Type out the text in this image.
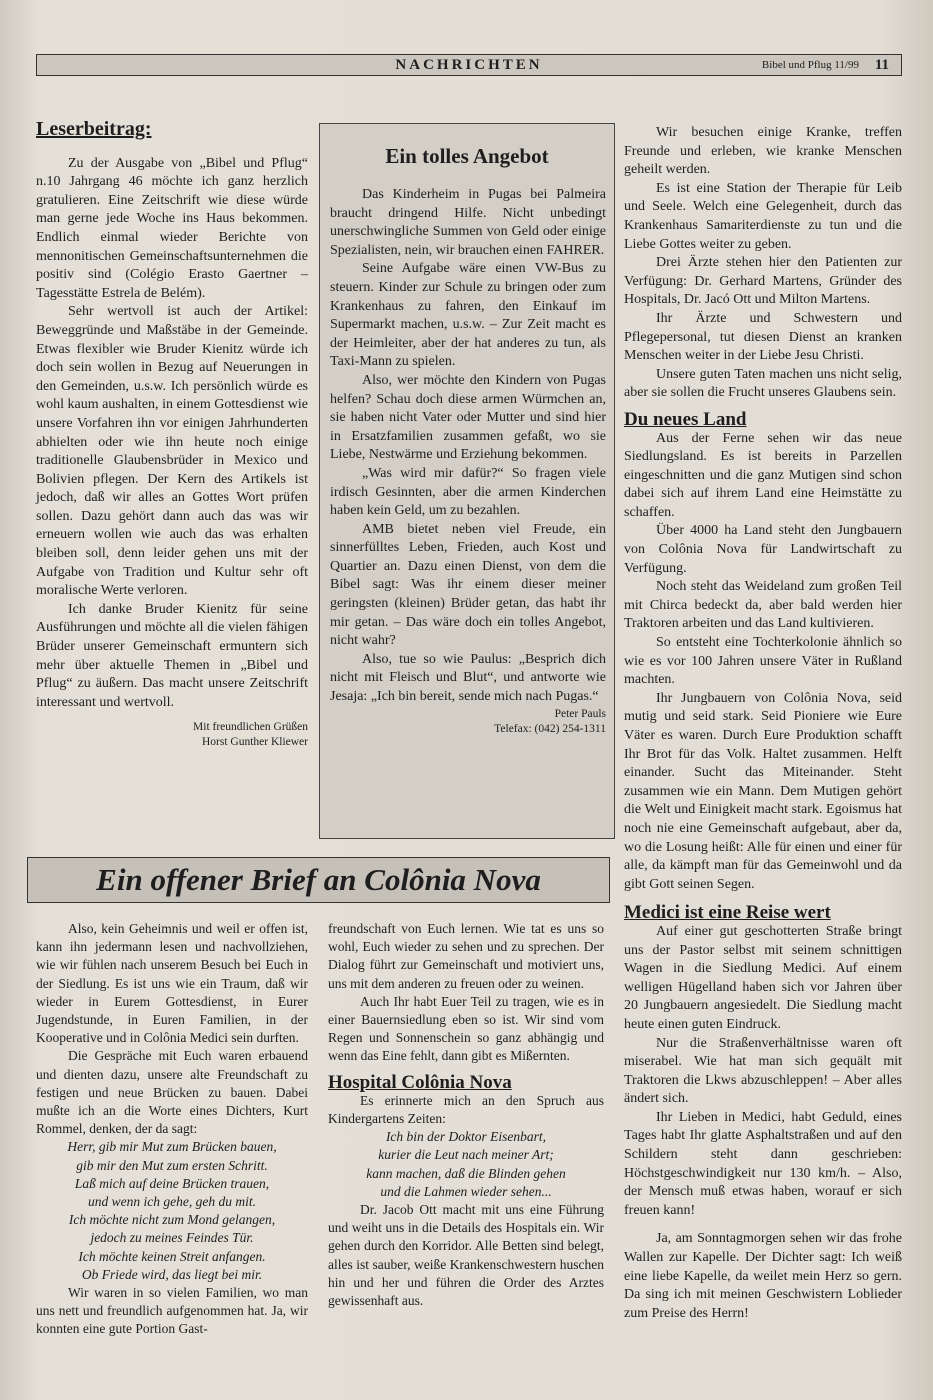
NACHRICHTEN	Bibel und Pflug 11/99 11
Leserbeitrag:

Zu der Ausgabe von „Bibel und Pflug“ n.10 Jahrgang 46 möchte ich ganz herzlich gratulieren. Eine Zeitschrift wie diese würde man gerne jede Woche ins Haus bekommen. Endlich einmal wieder Berichte von mennonitischen Gemeinschaftsunternehmen die positiv sind (Colégio Erasto Gaertner – Tagesstätte Estrela de Belém).

Sehr wertvoll ist auch der Artikel: Beweggründe und Maßstäbe in der Gemeinde. Etwas flexibler wie Bruder Kienitz würde ich doch sein wollen in Bezug auf Neuerungen in den Gemeinden, u.s.w. Ich persönlich würde es wohl kaum aushalten, in einem Gottesdienst wie unsere Vorfahren ihn vor einigen Jahrhunderten abhielten oder wie ihn heute noch einige traditionelle Glaubensbrüder in Mexico und Bolivien pflegen. Der Kern des Artikels ist jedoch, daß wir alles an Gottes Wort prüfen sollen. Dazu gehört dann auch das was wir erneuern wollen wie auch das was erhalten bleiben soll, denn leider gehen uns mit der Aufgabe von Tradition und Kultur sehr oft moralische Werte verloren.

Ich danke Bruder Kienitz für seine Ausführungen und möchte all die vielen fähigen Brüder unserer Gemeinschaft ermuntern sich mehr über aktuelle Themen in „Bibel und Pflug“ zu äußern. Das macht unsere Zeitschrift interessant und wertvoll.

Mit freundlichen Grüßen

Horst Gunther Kliewer

Ein tolles Angebot

Das Kinderheim in Pugas bei Palmeira braucht dringend Hilfe. Nicht unbedingt unerschwingliche Summen von Geld oder einige Spezialisten, nein, wir brauchen einen FAHRER.

Seine Aufgabe wäre einen VW-Bus zu steuern. Kinder zur Schule zu bringen oder zum Krankenhaus zu fahren, den Einkauf im Supermarkt machen, u.s.w. – Zur Zeit macht es der Heimleiter, aber der hat anderes zu tun, als Taxi-Mann zu spielen.

Also, wer möchte den Kindern von Pugas helfen? Schau doch diese armen Würmchen an, sie haben nicht Vater oder Mutter und sind hier in Ersatzfamilien zusammen gefaßt, wo sie Liebe, Nestwärme und Erziehung bekommen.

„Was wird mir dafür?“ So fragen viele irdisch Gesinnten, aber die armen Kinderchen haben kein Geld, um zu bezahlen.

AMB bietet neben viel Freude, ein sinnerfülltes Leben, Frieden, auch Kost und Quartier an. Dazu einen Dienst, von dem die Bibel sagt: Was ihr einem dieser meiner geringsten (kleinen) Brüder getan, das habt ihr mir getan. – Das wäre doch ein tolles Angebot, nicht wahr?

Also, tue so wie Paulus: „Besprich dich nicht mit Fleisch und Blut“, und antworte wie Jesaja: „Ich bin bereit, sende mich nach Pugas.“

Peter Pauls

Telefax: (042) 254-1311

Wir besuchen einige Kranke, treffen Freunde und erleben, wie kranke Menschen geheilt werden.

Es ist eine Station der Therapie für Leib und Seele. Welch eine Gelegenheit, durch das Krankenhaus Samariterdienste zu tun und die Liebe Gottes weiter zu geben.

Drei Ärzte stehen hier den Patienten zur Verfügung: Dr. Gerhard Martens, Gründer des Hospitals, Dr. Jacó Ott und Milton Martens.

Ihr Ärzte und Schwestern und Pflegepersonal, tut diesen Dienst an kranken Menschen weiter in der Liebe Jesu Christi.

Unsere guten Taten machen uns nicht selig, aber sie sollen die Frucht unseres Glaubens sein.

Du neues Land

Aus der Ferne sehen wir das neue Siedlungsland. Es ist bereits in Parzellen eingeschnitten und die ganz Mutigen sind schon dabei sich auf ihrem Land eine Heimstätte zu schaffen.

Über 4000 ha Land steht den Jungbauern von Colônia Nova für Landwirtschaft zu Verfügung.

Noch steht das Weideland zum großen Teil mit Chirca bedeckt da, aber bald werden hier Traktoren arbeiten und das Land kultivieren.

So entsteht eine Tochterkolonie ähnlich so wie es vor 100 Jahren unsere Väter in Rußland machten.

Ihr Jungbauern von Colônia Nova, seid mutig und seid stark. Seid Pioniere wie Eure Väter es waren. Durch Eure Produktion schafft Ihr Brot für das Volk. Haltet zusammen. Helft einander. Sucht das Miteinander. Steht zusammen wie ein Mann. Dem Mutigen gehört die Welt und Einigkeit macht stark. Egoismus hat noch nie eine Gemeinschaft aufgebaut, aber da, wo die Losung heißt: Alle für einen und einer für alle, da kämpft man für das Gemeinwohl und da gibt Gott seinen Segen.

Medici ist eine Reise wert

Auf einer gut geschotterten Straße bringt uns der Pastor selbst mit seinem schnittigen Wagen in die Siedlung Medici. Auf einem welligen Hügelland haben sich vor Jahren über 20 Jungbauern angesiedelt. Die Siedlung macht heute einen guten Eindruck.

Nur die Straßenverhältnisse waren oft miserabel. Wie hat man sich gequält mit Traktoren die Lkws abzuschleppen! – Aber alles ändert sich.

Ihr Lieben in Medici, habt Geduld, eines Tages habt Ihr glatte Asphaltstraßen und auf den Schildern steht dann geschrieben: Höchstgeschwindigkeit nur 130 km/h. – Also, der Mensch muß etwas haben, worauf er sich freuen kann!

Ja, am Sonntagmorgen sehen wir das frohe Wallen zur Kapelle. Der Dichter sagt: Ich weiß eine liebe Kapelle, da weilet mein Herz so gern. Da sing ich mit meinen Geschwistern Loblieder zum Preise des Herrn!

Ein offener Brief an Colônia Nova

Also, kein Geheimnis und weil er offen ist, kann ihn jedermann lesen und nachvollziehen, wie wir fühlen nach unserem Besuch bei Euch in der Siedlung. Es ist uns wie ein Traum, daß wir wieder in Eurem Gottesdienst, in Eurer Jugendstunde, in Euren Familien, in der Kooperative und in Colônia Medici sein durften.

Die Gespräche mit Euch waren erbauend und dienten dazu, unsere alte Freundschaft zu festigen und neue Brücken zu bauen. Dabei mußte ich an die Worte eines Dichters, Kurt Rommel, denken, der da sagt:

Herr, gib mir Mut zum Brücken bauen,
gib mir den Mut zum ersten Schritt.
Laß mich auf deine Brücken trauen,
und wenn ich gehe, geh du mit.
Ich möchte nicht zum Mond gelangen,
jedoch zu meines Feindes Tür.
Ich möchte keinen Streit anfangen.
Ob Friede wird, das liegt bei mir.

Wir waren in so vielen Familien, wo man uns nett und freundlich aufgenommen hat. Ja, wir konnten eine gute Portion Gast-

freundschaft von Euch lernen. Wie tat es uns so wohl, Euch wieder zu sehen und zu sprechen. Der Dialog führt zur Gemeinschaft und motiviert uns, uns mit dem anderen zu freuen oder zu weinen.

Auch Ihr habt Euer Teil zu tragen, wie es in einer Bauernsiedlung eben so ist. Wir sind vom Regen und Sonnenschein so ganz abhängig und wenn das Eine fehlt, dann gibt es Mißernten.

Hospital Colônia Nova

Es erinnerte mich an den Spruch aus Kindergartens Zeiten:

Ich bin der Doktor Eisenbart,
kurier die Leut nach meiner Art;
kann machen, daß die Blinden gehen
und die Lahmen wieder sehen...

Dr. Jacob Ott macht mit uns eine Führung und weiht uns in die Details des Hospitals ein. Wir gehen durch den Korridor. Alle Betten sind belegt, alles ist sauber, weiße Krankenschwestern huschen hin und her und führen die Order des Arztes gewissenhaft aus.
